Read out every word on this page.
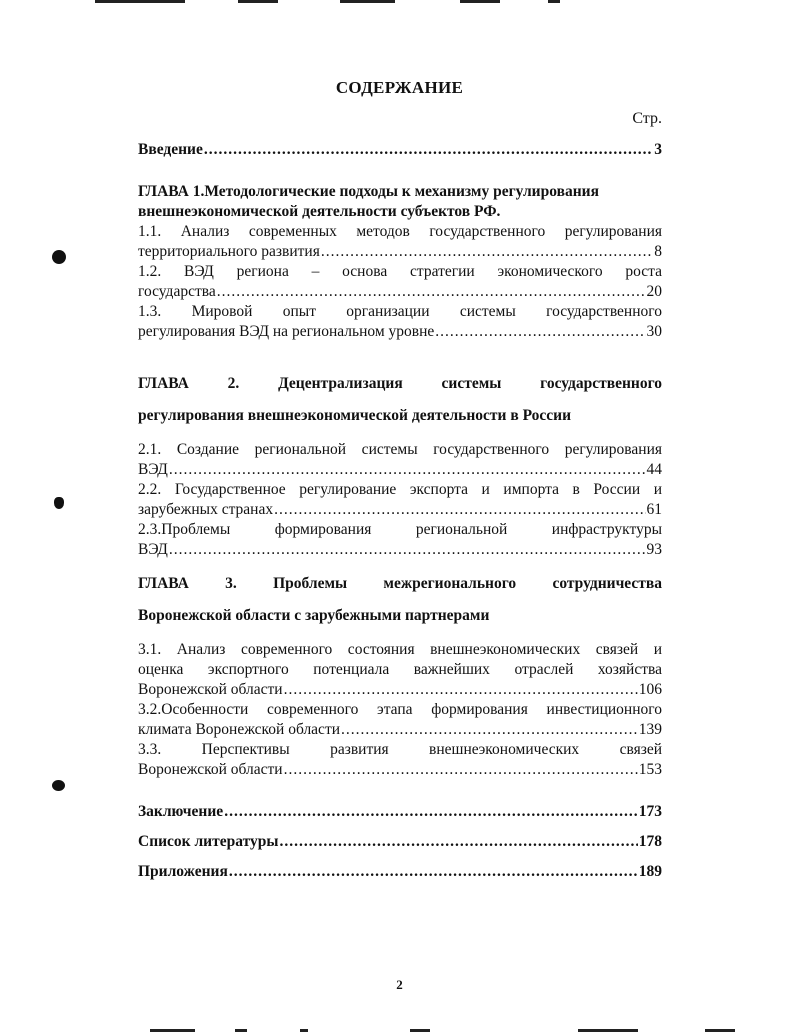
СОДЕРЖАНИЕ
Стр.
Введение .....	3
ГЛАВА 1.Методологические подходы к механизму регулирования
внешнеэкономической деятельности субъектов РФ.
1.1. Анализ современных методов государственного регулирования
территориального развития .....	8
1.2. ВЭД региона – основа стратегии экономического роста
государства .....	20
1.3. Мировой опыт организации системы государственного
регулирования ВЭД на региональном уровне .....	30
ГЛАВА 2. Децентрализация системы государственного
регулирования внешнеэкономической деятельности в России
2.1. Создание региональной системы государственного регулирования
ВЭД .....	44
2.2. Государственное регулирование экспорта и импорта в России и
зарубежных странах .....	61
2.3.Проблемы формирования региональной инфраструктуры
ВЭД .....	93
ГЛАВА 3. Проблемы межрегионального сотрудничества
Воронежской области с зарубежными партнерами
3.1. Анализ современного состояния внешнеэкономических связей и
оценка экспортного потенциала важнейших отраслей хозяйства
Воронежской области .....	106
3.2.Особенности современного этапа формирования инвестиционного
климата Воронежской области .....	139
3.3. Перспективы развития внешнеэкономических связей
Воронежской области .....	153
Заключение .....	173
Список литературы .....	178
Приложения .....	189
2
